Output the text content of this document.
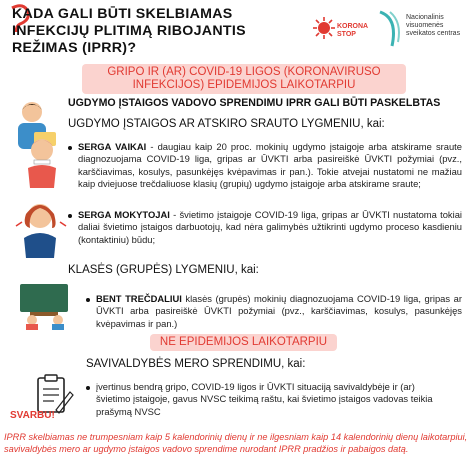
KADA GALI BŪTI SKELBIAMAS INFEKCIJŲ PLITIMĄ RIBOJANTIS REŽIMAS (IPRR)?
KORONA STOP
Nacionalinis visuomenės sveikatos centras
GRIPO IR (AR) COVID-19 LIGOS (KORONAVIRUSO INFEKCIJOS) EPIDEMIJOS LAIKOTARPIU
UGDYMO ĮSTAIGOS VADOVO SPRENDIMU IPRR GALI BŪTI PASKELBTAS
UGDYMO ĮSTAIGOS AR ATSKIRO SRAUTO LYGMENIU, kai:
SERGA VAIKAI - daugiau kaip 20 proc. mokinių ugdymo įstaigoje arba atskirame sraute diagnozuojama COVID-19 liga, gripas ar ŪVKTI arba pasireiškė ŪVKTI požymiai (pvz., karščiavimas, kosulys, pasunkėjęs kvėpavimas ir pan.). Tokie atvejai nustatomi ne mažiau kaip dviejuose trečdaliuose klasių (grupių) ugdymo įstaigoje arba atskirame sraute;
SERGA MOKYTOJAI - švietimo įstaigoje COVID-19 liga, gripas ar ŪVKTI nustatoma tokiai daliai švietimo įstaigos darbuotojų, kad nėra galimybės užtikrinti ugdymo proceso kasdieniu (kontaktiniu) būdu;
KLASĖS (GRUPĖS) LYGMENIU, kai:
BENT TREČDALIUI klasės (grupės) mokinių diagnozuojama COVID-19 liga, gripas ar ŪVKTI arba pasireiškė ŪVKTI požymiai (pvz., karščiavimas, kosulys, pasunkėjęs kvėpavimas ir pan.)
NE EPIDEMIJOS LAIKOTARPIU
SAVIVALDYBĖS MERO SPRENDIMU, kai:
įvertinus bendrą gripo, COVID-19 ligos ir ŪVKTI situaciją savivaldybėje ir (ar) švietimo įstaigoje, gavus NVSC teikimą raštu, kai švietimo įstaigos vadovas teikia prašymą NVSC
SVARBU!
IPRR skelbiamas ne trumpesniam kaip 5 kalendorinių dienų ir ne ilgesniam kaip 14 kalendorinių dienų laikotarpiui, savivaldybės mero ar ugdymo įstaigos vadovo sprendime nurodant IPRR pradžios ir pabaigos datą.
